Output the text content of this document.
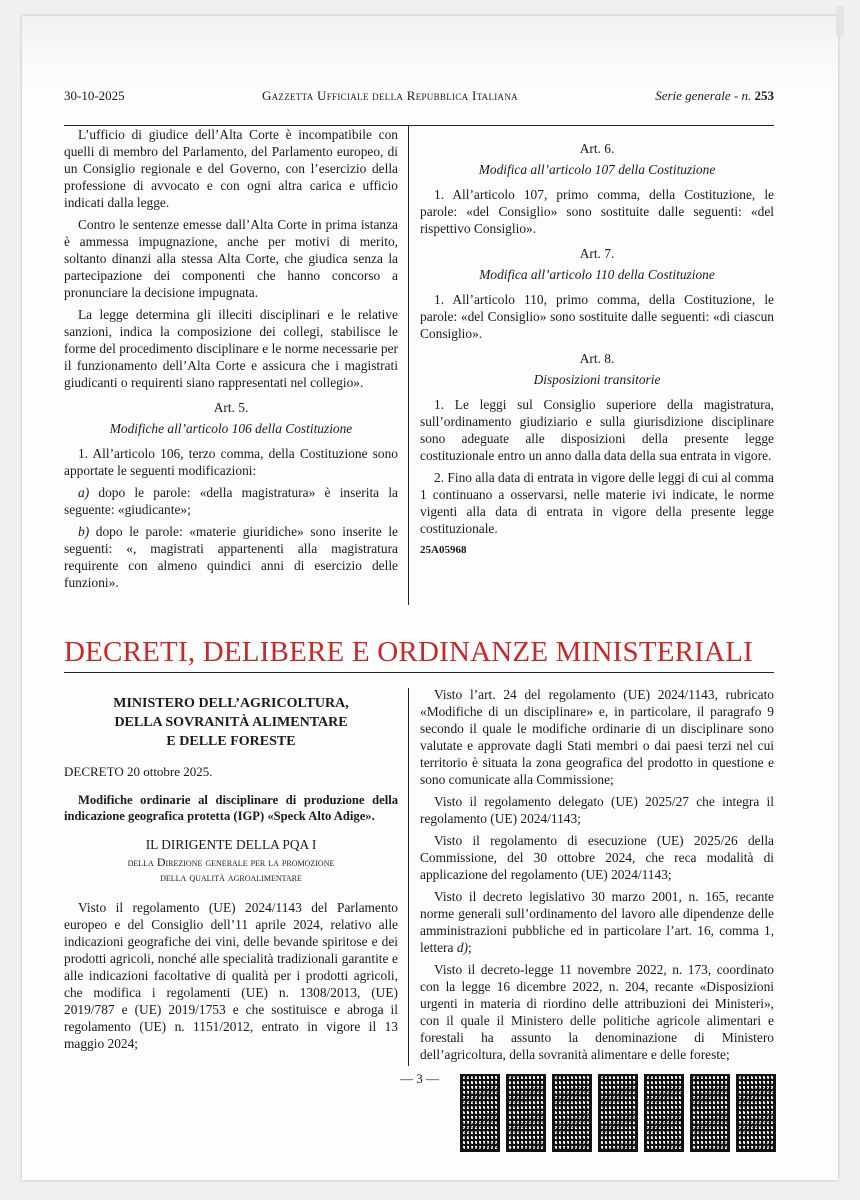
30-10-2025	Gazzetta Ufficiale della Repubblica Italiana	Serie generale - n. 253

L’ufficio di giudice dell’Alta Corte è incompatibile con quelli di membro del Parlamento, del Parlamento europeo, di un Consiglio regionale e del Governo, con l’esercizio della professione di avvocato e con ogni altra carica e ufficio indicati dalla legge.

Contro le sentenze emesse dall’Alta Corte in prima istanza è ammessa impugnazione, anche per motivi di merito, soltanto dinanzi alla stessa Alta Corte, che giudica senza la partecipazione dei componenti che hanno concorso a pronunciare la decisione impugnata.

La legge determina gli illeciti disciplinari e le relative sanzioni, indica la composizione dei collegi, stabilisce le forme del procedimento disciplinare e le norme necessarie per il funzionamento dell’Alta Corte e assicura che i magistrati giudicanti o requirenti siano rappresentati nel collegio».

Art. 5.
Modifiche all’articolo 106 della Costituzione

1. All’articolo 106, terzo comma, della Costituzione sono apportate le seguenti modificazioni:

a) dopo le parole: «della magistratura» è inserita la seguente: «giudicante»;

b) dopo le parole: «materie giuridiche» sono inserite le seguenti: «, magistrati appartenenti alla magistratura requirente con almeno quindici anni di esercizio delle funzioni».

Art. 6.
Modifica all’articolo 107 della Costituzione

1. All’articolo 107, primo comma, della Costituzione, le parole: «del Consiglio» sono sostituite dalle seguenti: «del rispettivo Consiglio».

Art. 7.
Modifica all’articolo 110 della Costituzione

1. All’articolo 110, primo comma, della Costituzione, le parole: «del Consiglio» sono sostituite dalle seguenti: «di ciascun Consiglio».

Art. 8.
Disposizioni transitorie

1. Le leggi sul Consiglio superiore della magistratura, sull’ordinamento giudiziario e sulla giurisdizione disciplinare sono adeguate alle disposizioni della presente legge costituzionale entro un anno dalla data della sua entrata in vigore.

2. Fino alla data di entrata in vigore delle leggi di cui al comma 1 continuano a osservarsi, nelle materie ivi indicate, le norme vigenti alla data di entrata in vigore della presente legge costituzionale.

25A05968
DECRETI, DELIBERE E ORDINANZE MINISTERIALI
MINISTERO DELL’AGRICOLTURA,
DELLA SOVRANITÀ ALIMENTARE
E DELLE FORESTE
DECRETO 20 ottobre 2025.
Modifiche ordinarie al disciplinare di produzione della indicazione geografica protetta (IGP) «Speck Alto Adige».
IL DIRIGENTE DELLA PQA I
della Direzione generale per la promozione
della qualità agroalimentare

Visto il regolamento (UE) 2024/1143 del Parlamento europeo e del Consiglio dell’11 aprile 2024, relativo alle indicazioni geografiche dei vini, delle bevande spiritose e dei prodotti agricoli, nonché alle specialità tradizionali garantite e alle indicazioni facoltative di qualità per i prodotti agricoli, che modifica i regolamenti (UE) n. 1308/2013, (UE) 2019/787 e (UE) 2019/1753 e che sostituisce e abroga il regolamento (UE) n. 1151/2012, entrato in vigore il 13 maggio 2024;

Visto l’art. 24 del regolamento (UE) 2024/1143, rubricato «Modifiche di un disciplinare» e, in particolare, il paragrafo 9 secondo il quale le modifiche ordinarie di un disciplinare sono valutate e approvate dagli Stati membri o dai paesi terzi nel cui territorio è situata la zona geografica del prodotto in questione e sono comunicate alla Commissione;

Visto il regolamento delegato (UE) 2025/27 che integra il regolamento (UE) 2024/1143;

Visto il regolamento di esecuzione (UE) 2025/26 della Commissione, del 30 ottobre 2024, che reca modalità di applicazione del regolamento (UE) 2024/1143;

Visto il decreto legislativo 30 marzo 2001, n. 165, recante norme generali sull’ordinamento del lavoro alle dipendenze delle amministrazioni pubbliche ed in particolare l’art. 16, comma 1, lettera d);

Visto il decreto-legge 11 novembre 2022, n. 173, coordinato con la legge 16 dicembre 2022, n. 204, recante «Disposizioni urgenti in materia di riordino delle attribuzioni dei Ministeri», con il quale il Ministero delle politiche agricole alimentari e forestali ha assunto la denominazione di Ministero dell’agricoltura, della sovranità alimentare e delle foreste;

— 3 —
